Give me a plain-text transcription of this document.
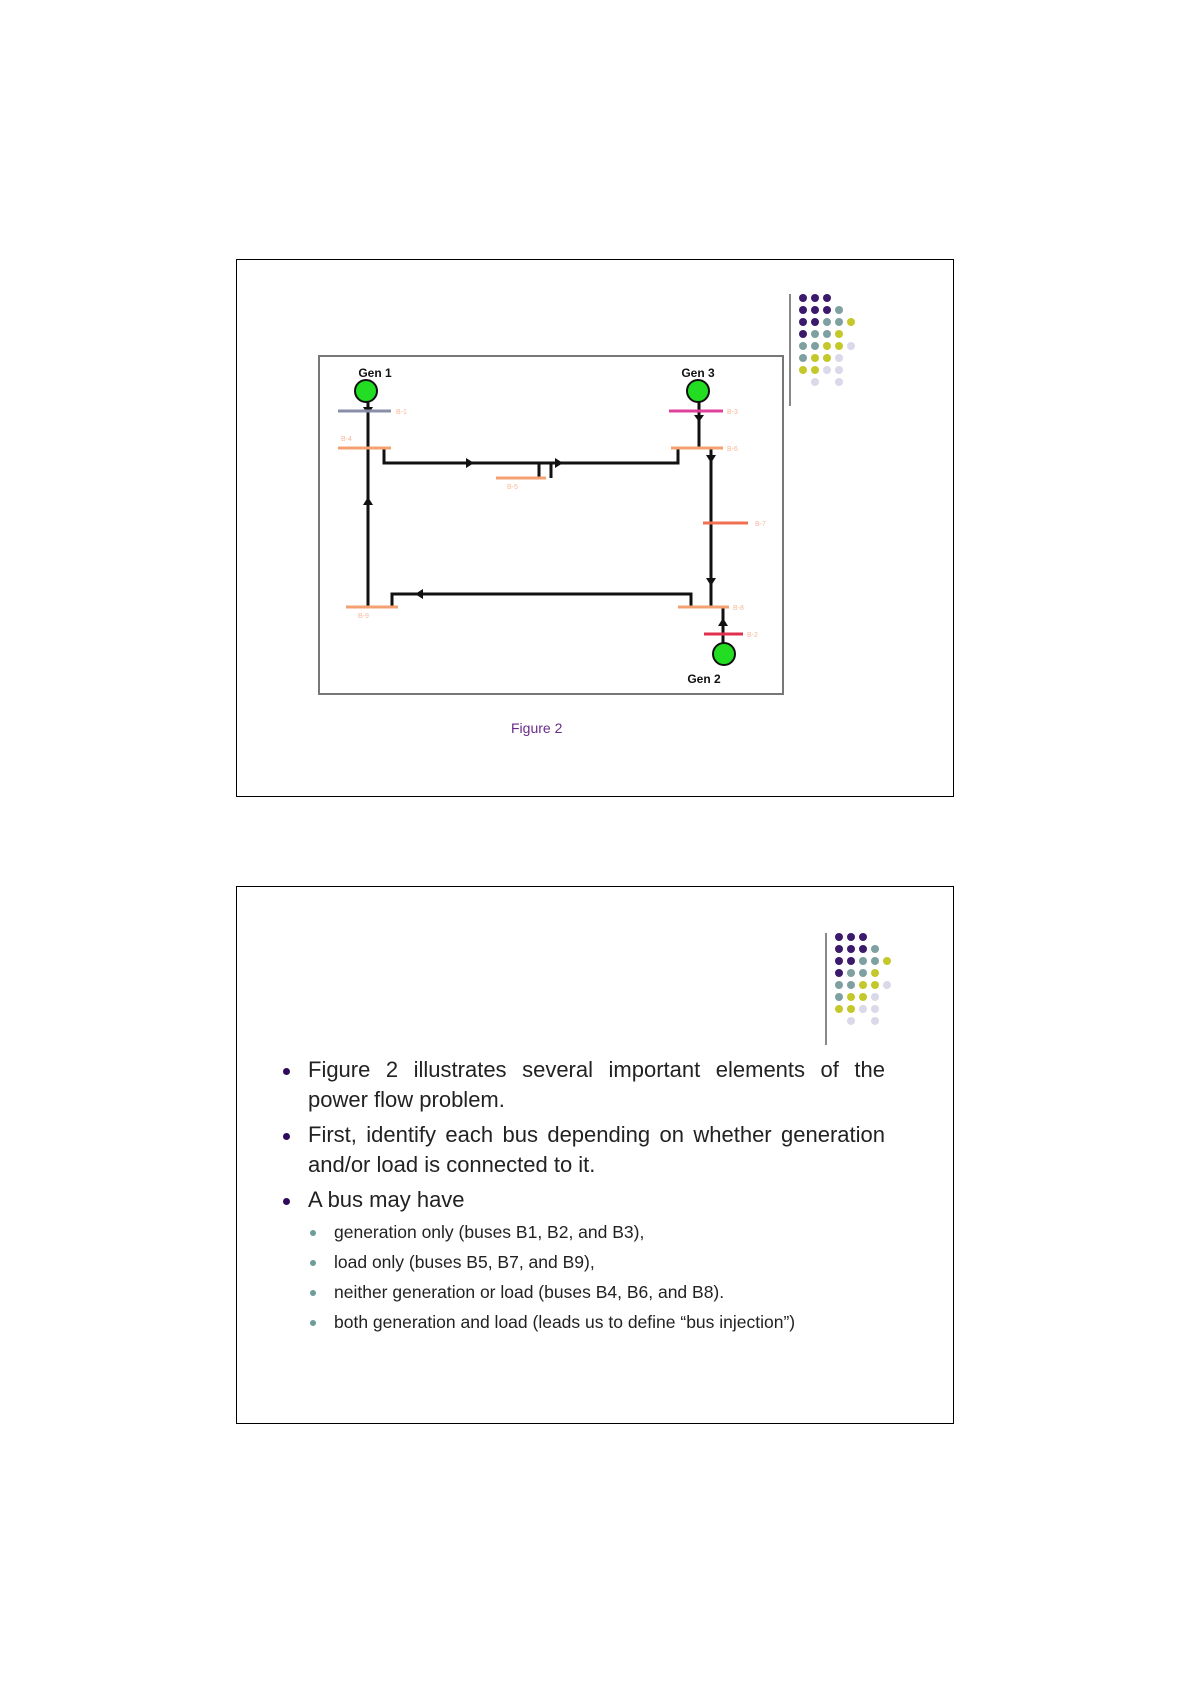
B-1
B-4
B-5
B-3
B-6
B-7
B-8
B-2
B-9
Gen 1	Gen 3
Gen 2
Figure 2
Figure 2 illustrates several important elements of the power flow problem.
First, identify each bus depending on whether generation and/or load is connected to it.
A bus may have
generation only (buses B1, B2, and B3),
load only (buses B5, B7, and B9),
neither generation or load (buses B4, B6, and B8).
both generation and load (leads us to define “bus injection”)
